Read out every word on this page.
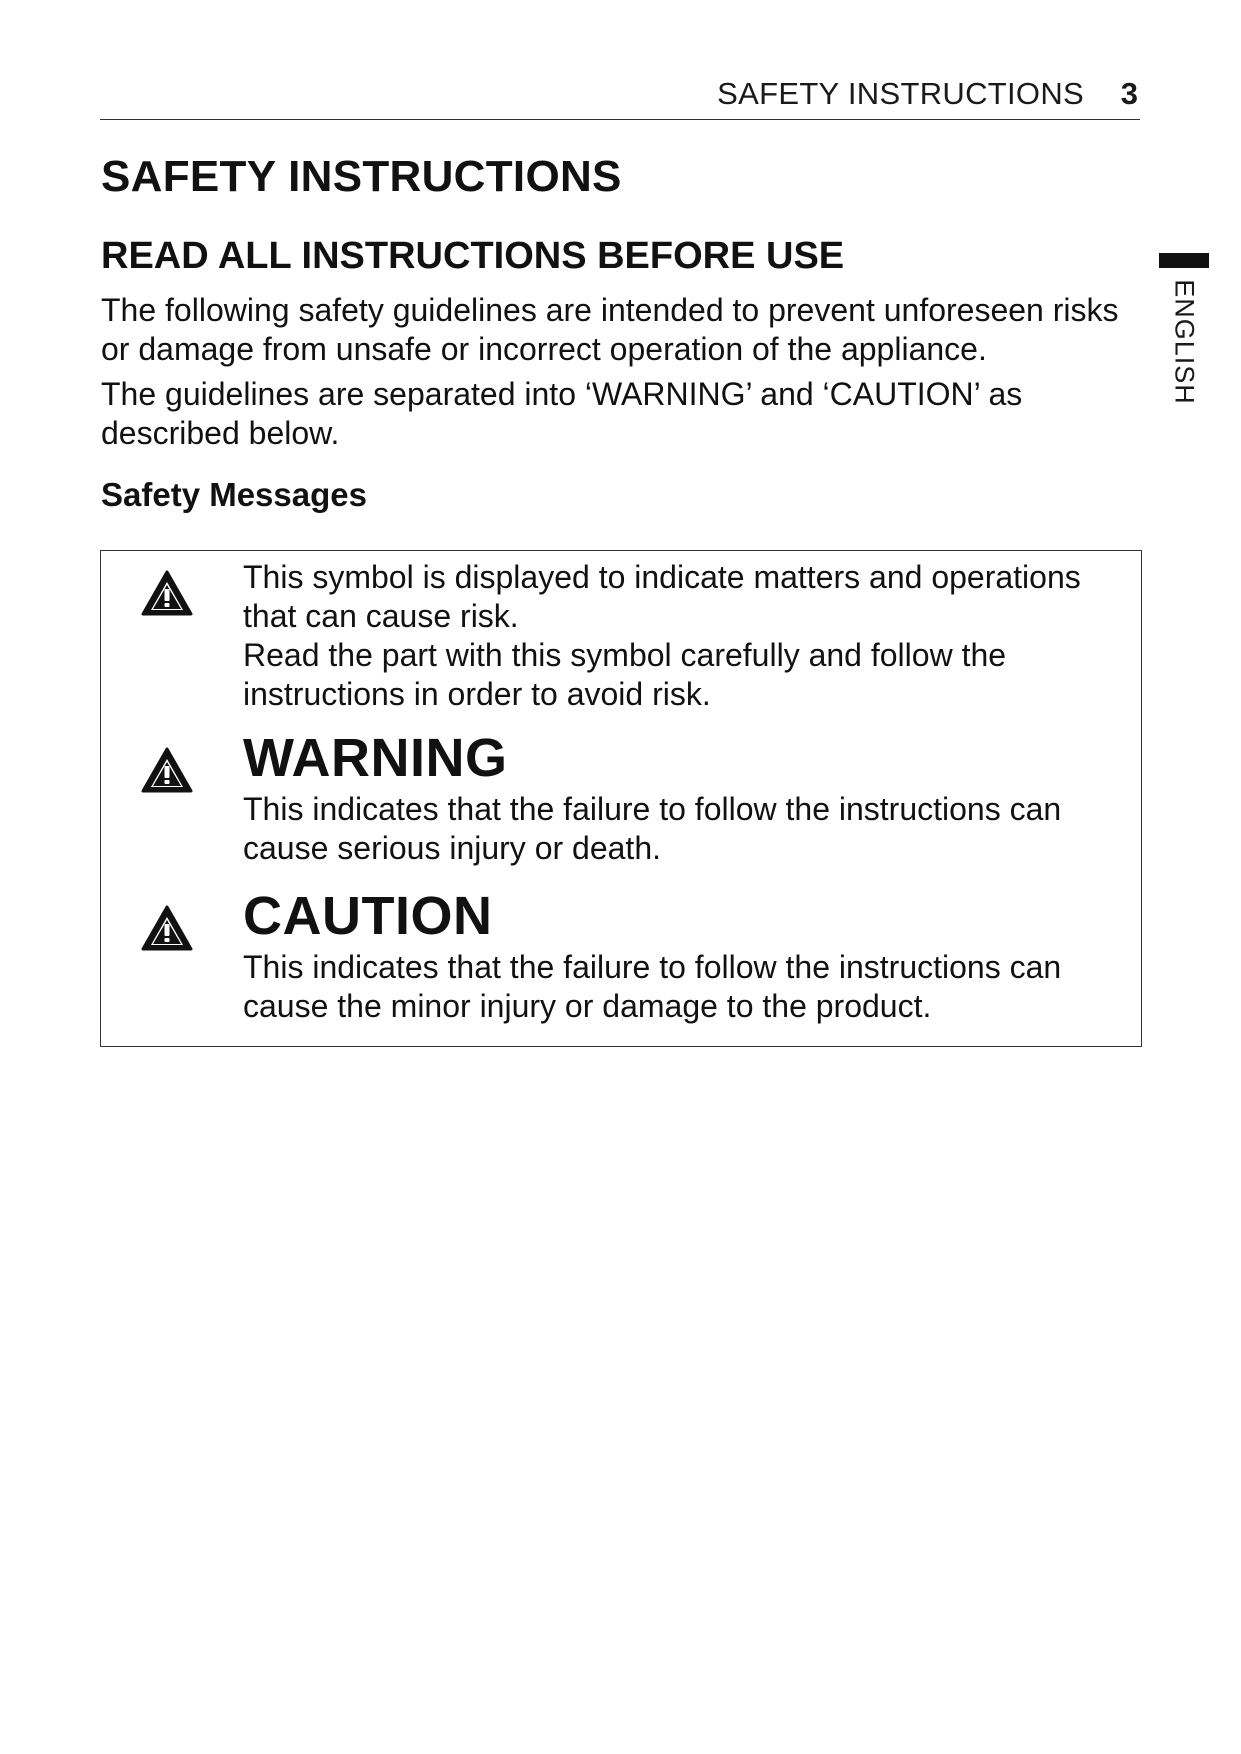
SAFETY INSTRUCTIONS 3
ENGLISH
SAFETY INSTRUCTIONS
READ ALL INSTRUCTIONS BEFORE USE

The following safety guidelines are intended to prevent unforeseen risks or damage from unsafe or incorrect operation of the appliance.

The guidelines are separated into ‘WARNING’ and ‘CAUTION’ as described below.

Safety Messages

This symbol is displayed to indicate matters and operations that can cause risk.

Read the part with this symbol carefully and follow the instructions in order to avoid risk.

WARNING

This indicates that the failure to follow the instructions can cause serious injury or death.

CAUTION

This indicates that the failure to follow the instructions can cause the minor injury or damage to the product.
